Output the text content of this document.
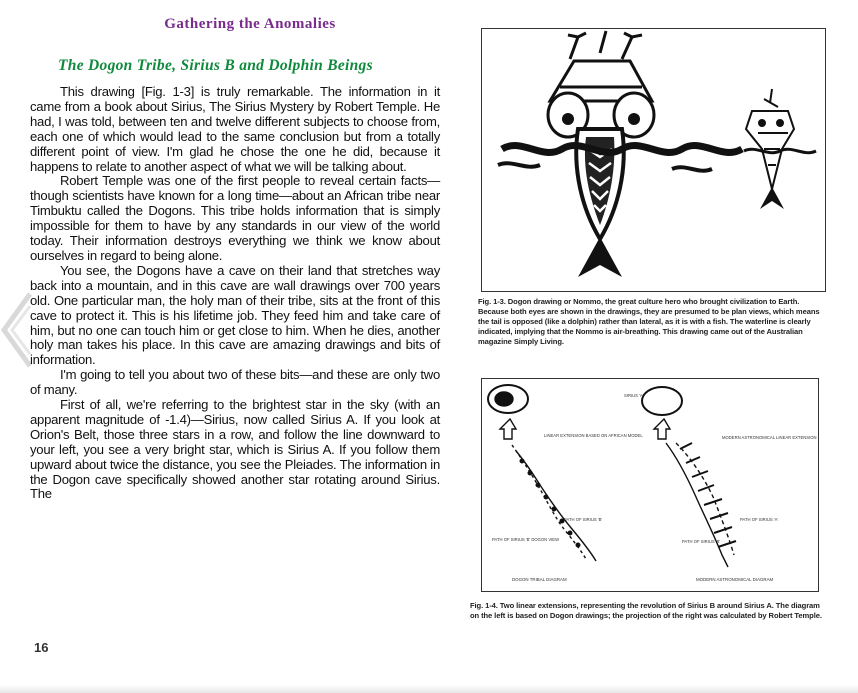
Gathering the Anomalies
The Dogon Tribe, Sirius B and Dolphin Beings

This drawing [Fig. 1-3] is truly remarkable. The information in it came from a book about Sirius, The Sirius Mystery by Robert Temple. He had, I was told, between ten and twelve different subjects to choose from, each one of which would lead to the same conclusion but from a totally different point of view. I'm glad he chose the one he did, because it happens to relate to another aspect of what we will be talking about.

Robert Temple was one of the first people to reveal certain facts— though scientists have known for a long time—about an African tribe near Timbuktu called the Dogons. This tribe holds information that is simply impossible for them to have by any standards in our view of the world today. Their information destroys everything we think we know about ourselves in regard to being alone.

You see, the Dogons have a cave on their land that stretches way back into a mountain, and in this cave are wall drawings over 700 years old. One particular man, the holy man of their tribe, sits at the front of this cave to protect it. This is his lifetime job. They feed him and take care of him, but no one can touch him or get close to him. When he dies, another holy man takes his place. In this cave are amazing drawings and bits of information.

I'm going to tell you about two of these bits—and these are only two of many.

First of all, we're referring to the brightest star in the sky (with an apparent magnitude of -1.4)—Sirius, now called Sirius A. If you look at Orion's Belt, those three stars in a row, and follow the line downward to your left, you see a very bright star, which is Sirius A. If you follow them upward about twice the distance, you see the Pleiades. The information in the Dogon cave specifically showed another star rotating around Sirius. The

16
Fig. 1-3. Dogon drawing or Nommo, the great culture hero who brought civilization to Earth. Because both eyes are shown in the drawings, they are presumed to be plan views, which means the tail is opposed (like a dolphin) rather than lateral, as it is with a fish. The waterline is clearly indicated, implying that the Nommo is air-breathing. This drawing came out of the Australian magazine Simply Living.
LINEAR EXTENSION BASED ON AFRICAN MODEL
PATH OF SIRIUS 'B'
PATH OF SIRIUS 'B' DOGON VIEW
DOGON TRIBAL DIAGRAM
SIRIUS 'A'
MODERN ASTRONOMICAL LINEAR EXTENSION
PATH OF SIRIUS 'A'
PATH OF SIRIUS 'B'
MODERN ASTRONOMICAL DIAGRAM
Fig. 1-4. Two linear extensions, representing the revolution of Sirius B around Sirius A. The diagram on the left is based on Dogon drawings; the projection of the right was calculated by Robert Temple.
